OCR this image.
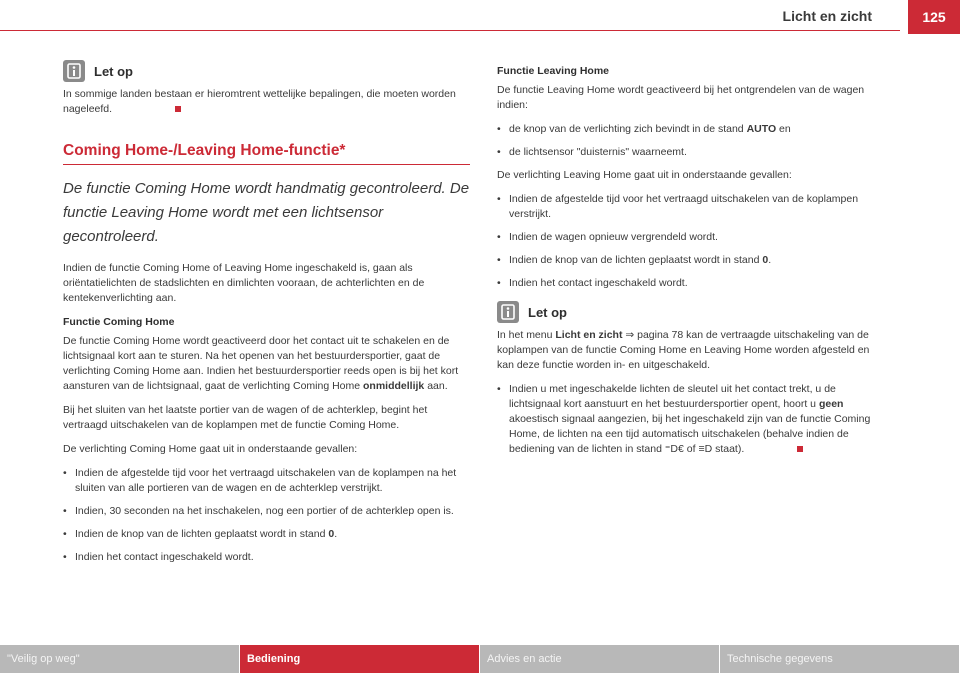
Licht en zicht	125
Let op

In sommige landen bestaan er hieromtrent wettelijke bepalingen, die moeten worden nageleefd.

Coming Home-/Leaving Home-functie*
De functie Coming Home wordt handmatig gecontroleerd. De functie Leaving Home wordt met een lichtsensor gecontroleerd.

Indien de functie Coming Home of Leaving Home ingeschakeld is, gaan als oriëntatielichten de stadslichten en dimlichten vooraan, de achterlichten en de kentekenverlichting aan.

Functie Coming Home

De functie Coming Home wordt geactiveerd door het contact uit te schakelen en de lichtsignaal kort aan te sturen. Na het openen van het bestuurdersportier, gaat de verlichting Coming Home aan. Indien het bestuurdersportier reeds open is bij het kort aansturen van de lichtsignaal, gaat de verlichting Coming Home onmiddellijk aan.

Bij het sluiten van het laatste portier van de wagen of de achterklep, begint het vertraagd uitschakelen van de koplampen met de functie Coming Home.

De verlichting Coming Home gaat uit in onderstaande gevallen:

• Indien de afgestelde tijd voor het vertraagd uitschakelen van de koplampen na het sluiten van alle portieren van de wagen en de achterklep verstrijkt.
• Indien, 30 seconden na het inschakelen, nog een portier of de achterklep open is.
• Indien de knop van de lichten geplaatst wordt in stand 0.
• Indien het contact ingeschakeld wordt.
Functie Leaving Home

De functie Leaving Home wordt geactiveerd bij het ontgrendelen van de wagen indien:

• de knop van de verlichting zich bevindt in de stand AUTO en
• de lichtsensor "duisternis" waarneemt.

De verlichting Leaving Home gaat uit in onderstaande gevallen:

• Indien de afgestelde tijd voor het vertraagd uitschakelen van de koplampen verstrijkt.
• Indien de wagen opnieuw vergrendeld wordt.
• Indien de knop van de lichten geplaatst wordt in stand 0.
• Indien het contact ingeschakeld wordt.
Let op

In het menu Licht en zicht ⇒ pagina 78 kan de vertraagde uitschakeling van de koplampen van de functie Coming Home en Leaving Home worden afgesteld en kan deze functie worden in- en uitgeschakeld.

• Indien u met ingeschakelde lichten de sleutel uit het contact trekt, u de lichtsignaal kort aanstuurt en het bestuurdersportier opent, hoort u geen akoestisch signaal aangezien, bij het ingeschakeld zijn van de functie Coming Home, de lichten na een tijd automatisch uitschakelen (behalve indien de bediening van de lichten in stand ⁼D€ of ≡D staat).
"Veilig op weg"	Bediening	Advies en actie	Technische gegevens
